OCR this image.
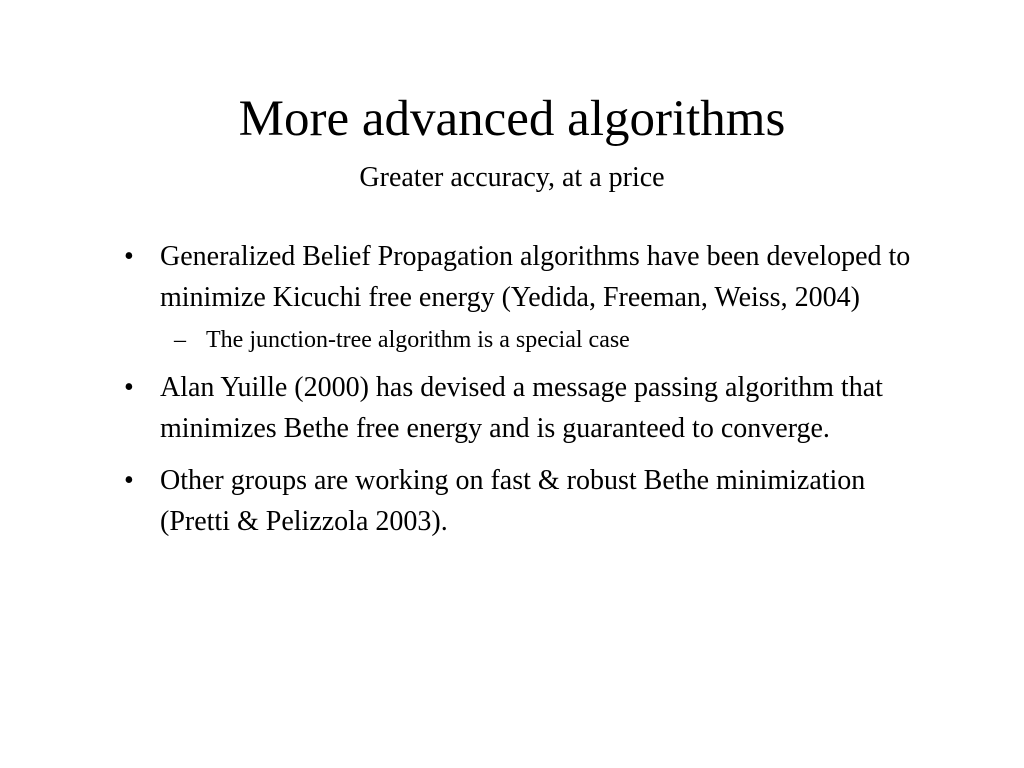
More advanced algorithms
Greater accuracy, at a price
• Generalized Belief Propagation algorithms have been developed to minimize Kicuchi free energy (Yedida, Freeman, Weiss, 2004)
– The junction-tree algorithm is a special case
• Alan Yuille (2000) has devised a message passing algorithm that minimizes Bethe free energy and is guaranteed to converge.
• Other groups are working on fast & robust Bethe minimization (Pretti & Pelizzola 2003).
